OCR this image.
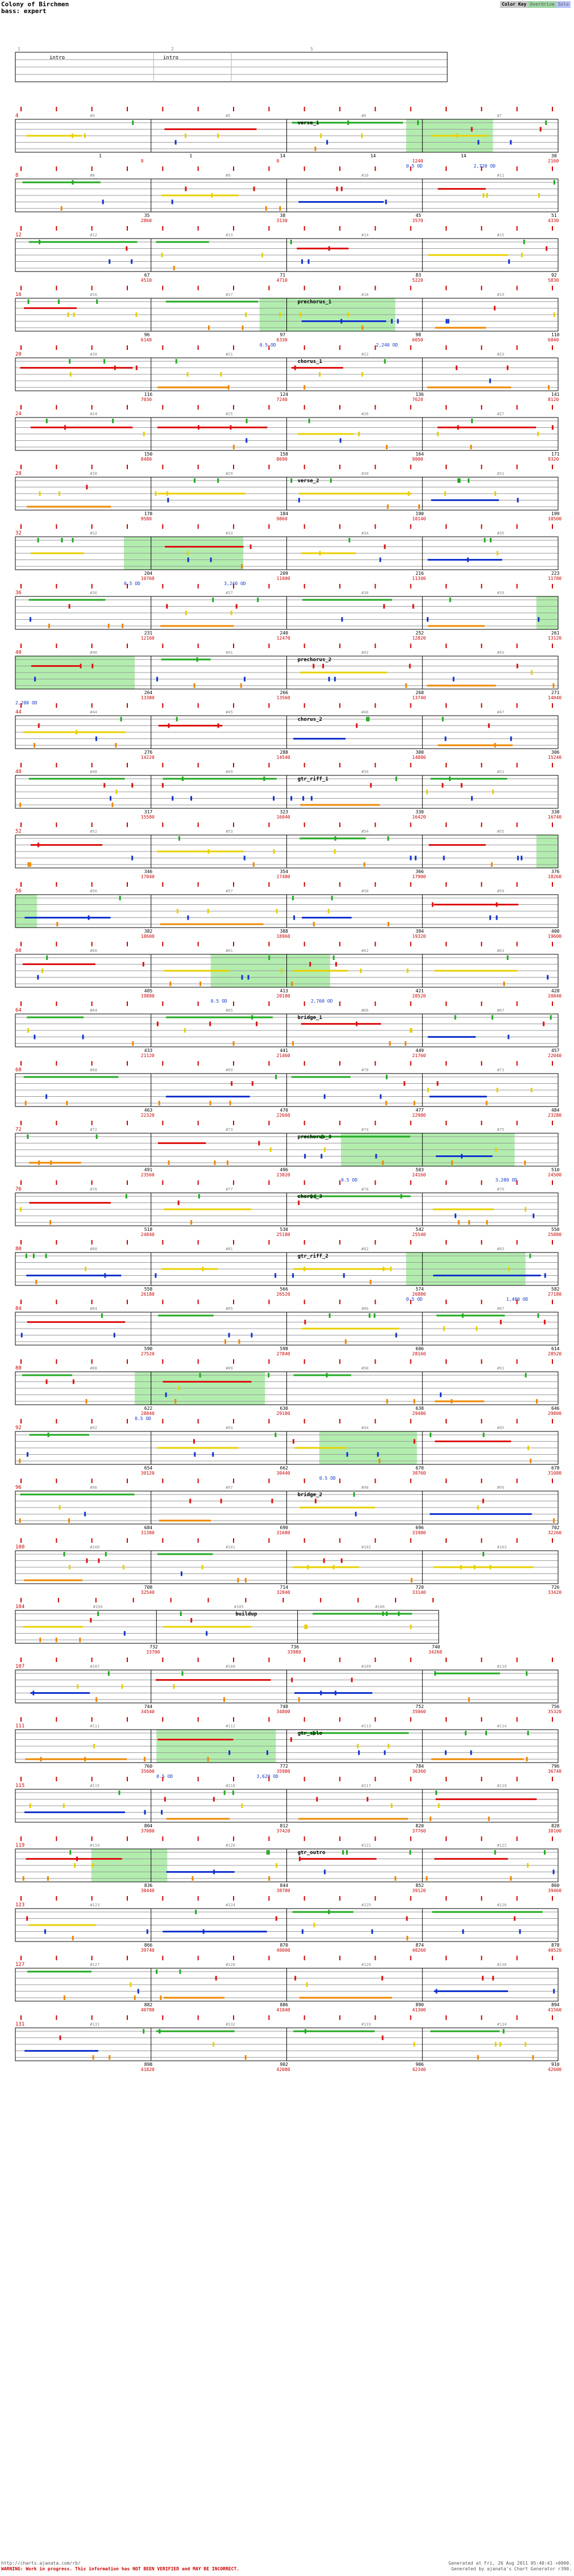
Colony of Birchmen
bass: expert
Color Key Overdrive Solo
intro	intro
1	2	5
#4	#5	#6	#7
4
verse_1
1	1	14	14	14	30
0	0	1240	2160
0.5 OD	2,720 OD
#8	#9	#10	#11
8
35	38	45	51
2860	3130	3570	4330
#12	#13	#14	#15
12
67	71	83	92
4510	4710	5220	5830
#16	#17	#18	#19
16
prechorus_1
96	97	98	110
6140	6330	6650	6840
0.5 OD	2,240 OD
#20	#21	#22	#23
20
chorus_1
116	124	136	141
7030	7240	7620	8120
#24	#25	#26	#27
24
150	158	164	171
8480	8690	9000	9320
#28	#29	#30	#31
28
verse_2
178	184	190	199
9580	9860	10140	10500
#32	#33	#34	#35
32
204	209	216	223
10760	11000	11340	11780
0.5 OD	3,240 OD
#36	#37	#38	#39
36
231	240	252	261
12160	12470	12820	13120
#40	#41	#42	#43
40
prechorus_2
264	266	268	271
13380	13560	13740	14040
2,280 OD
#44	#45	#46	#47
44
chorus_2
276	288	300	306
14220	14540	14880	15240
#48	#49	#50	#51
48
gtr_riff_1
317	323	330	338
15580	16040	16420	16740
#52	#53	#54	#55
52
346	354	366	376
17040	17480	17900	18260
#56	#57	#58	#59
56
382	388	394	400
18600	18960	19320	19600
#60	#61	#62	#63
60
405	413	421	428
19880	20180	20520	20840
0.5 OD	2,760 OD
#64	#65	#66	#67
64
bridge_1
433	441	449	457
21120	21460	21760	22040
#68	#69	#70	#71
68
463	470	477	484
22320	22660	22980	23280
#72	#73	#74	#75
72
prechorus_3
491	496	503	510
23560	23820	24160	24500
0.5 OD	3,280 OD
#76	#77	#78	#79
76
chorus_3
518	530	542	550
24840	25180	25540	25880
#80	#81	#82	#83
80
gtr_riff_2
558	566	574	582
26180	26520	26880	27180
0.5 OD	1,400 OD
#84	#85	#86	#87
84
590	598	606	614
27520	27840	28160	28520
#88	#89	#90	#91
88
622	630	638	646
28840	29180	29480	29800
0.5 OD
#92	#93	#94	#95
92
654	662	670	678
30120	30440	30760	31080
0.5 OD
#96	#97	#98	#99
96
bridge_2
684	690	696	702
31380	31680	31980	32260
#100	#101	#102	#103
100
708	714	720	726
32540	32840	33140	33420
#104	#105	#106
104
buildup
732	736	740
33700	33980	34260
#107	#108	#109	#110
107
744	748	752	756
34540	34800	35060	35320
#111	#112	#113	#114
111
gtr_solo
760	772	784	796
35600	35980	36360	36740
0.5 OD	3,620 OD
#115	#116	#117	#118
115
804	812	820	828
37080	37420	37760	38100
#119	#120	#121	#122
119
gtr_outro
836	844	852	860
38440	38780	39120	39460
#123	#124	#125	#126
123
866	870	874	878
39740	40000	40260	40520
#127	#128	#129	#130
127
882	886	890	894
40780	41040	41300	41560
#131	#132	#133	#134
131
898	902	906	910
41820	42080	42340	42600
http://charts.ajanata.com/rb/
WARNING: Work in progress. This information has NOT BEEN VERIFIED and MAY BE INCORRECT.
Generated at Fri, 26 Aug 2011 05:40:41 +0000.
Generated by ajanata's Chart Generator r390.
